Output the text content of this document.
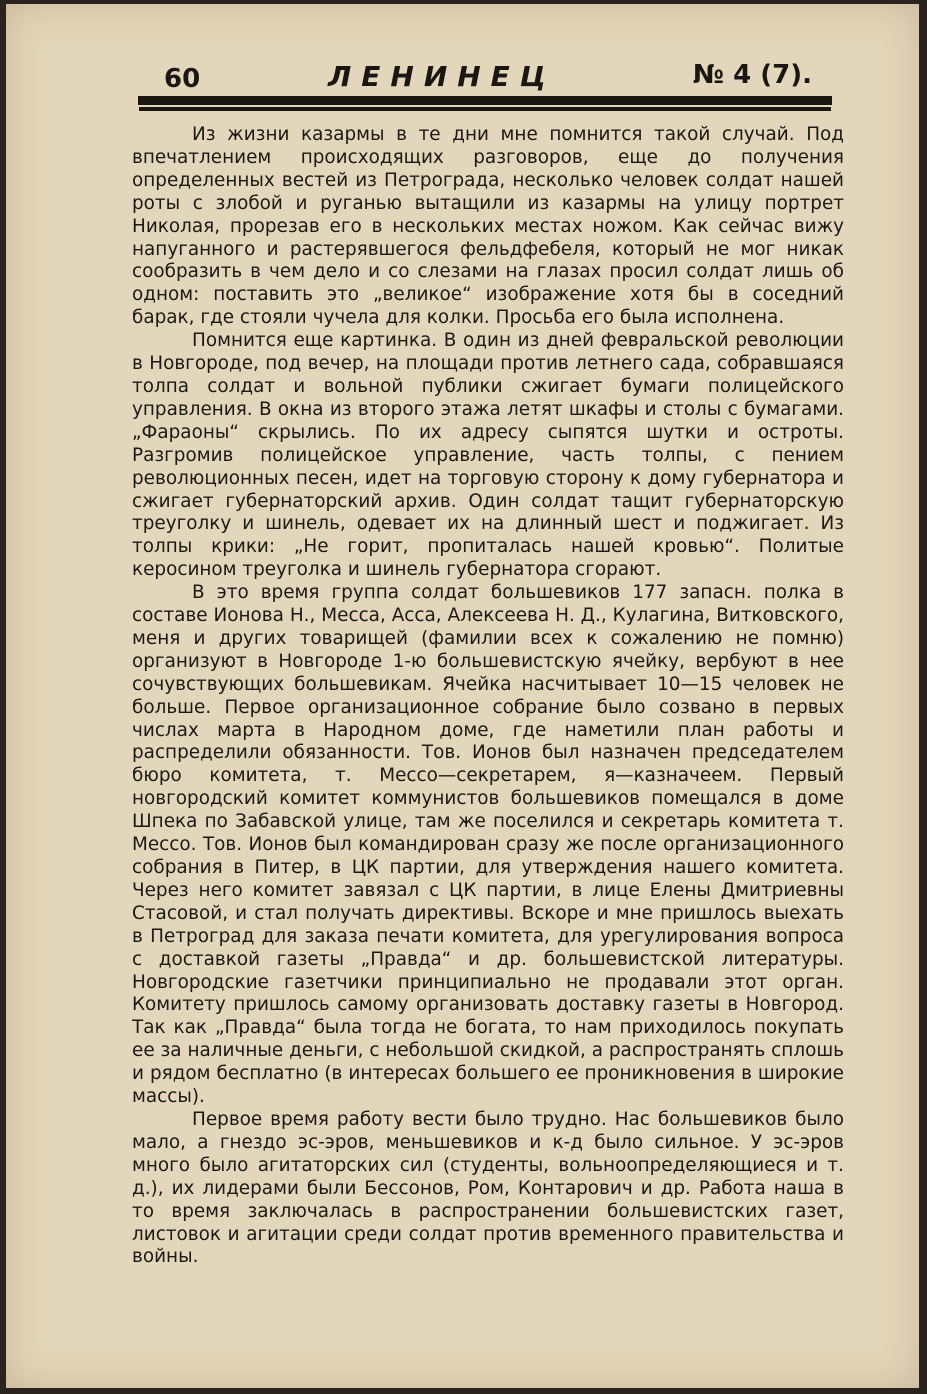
60	ЛЕНИНЕЦ	№ 4 (7).

Из жизни казармы в те дни мне помнится такой случай. Под впечатлением происходящих разговоров, еще до получения определенных вестей из Петрограда, несколько человек солдат нашей роты с злобой и руганью вытащили из казармы на улицу портрет Николая, прорезав его в нескольких местах ножом. Как сейчас вижу напуганного и растерявшегося фельдфебеля, который не мог никак сообразить в чем дело и со слезами на глазах просил солдат лишь об одном: поставить это „великое“ изображение хотя бы в соседний барак, где стояли чучела для колки. Просьба его была исполнена.

Помнится еще картинка. В один из дней февральской революции в Новгороде, под вечер, на площади против летнего сада, собравшаяся толпа солдат и вольной публики сжигает бумаги полицейского управления. В окна из второго этажа летят шкафы и столы с бумагами. „Фараоны“ скрылись. По их адресу сыпятся шутки и остроты. Разгромив полицейское управление, часть толпы, с пением революционных песен, идет на торговую сторону к дому губернатора и сжигает губернаторский архив. Один солдат тащит губернаторскую треуголку и шинель, одевает их на длинный шест и поджигает. Из толпы крики: „Не горит, пропиталась нашей кровью“. Политые керосином треуголка и шинель губернатора сгорают.

В это время группа солдат большевиков 177 запасн. полка в составе Ионова Н., Месса, Асса, Алексеева Н. Д., Кулагина, Витковского, меня и других товарищей (фамилии всех к сожалению не помню) организуют в Новгороде 1-ю большевистскую ячейку, вербуют в нее сочувствующих большевикам. Ячейка насчитывает 10—15 человек не больше. Первое организационное собрание было созвано в первых числах марта в Народном доме, где наметили план работы и распределили обязанности. Тов. Ионов был назначен председателем бюро комитета, т. Мессо—секретарем, я—казначеем. Первый новгородский комитет коммунистов большевиков помещался в доме Шпека по Забавской улице, там же поселился и секретарь комитета т. Мессо. Тов. Ионов был командирован сразу же после организационного собрания в Питер, в ЦК партии, для утверждения нашего комитета. Через него комитет завязал с ЦК партии, в лице Елены Дмитриевны Стасовой, и стал получать директивы. Вскоре и мне пришлось выехать в Петроград для заказа печати комитета, для урегулирования вопроса с доставкой газеты „Правда“ и др. большевистской литературы. Новгородские газетчики принципиально не продавали этот орган. Комитету пришлось самому организовать доставку газеты в Новгород. Так как „Правда“ была тогда не богата, то нам приходилось покупать ее за наличные деньги, с небольшой скидкой, а распространять сплошь и рядом бесплатно (в интересах большего ее проникновения в широкие массы).

Первое время работу вести было трудно. Нас большевиков было мало, а гнездо эс-эров, меньшевиков и к-д было сильное. У эс-эров много было агитаторских сил (студенты, вольноопределяющиеся и т. д.), их лидерами были Бессонов, Ром, Контарович и др. Работа наша в то время заключалась в распространении большевистских газет, листовок и агитации среди солдат против временного правительства и войны.
